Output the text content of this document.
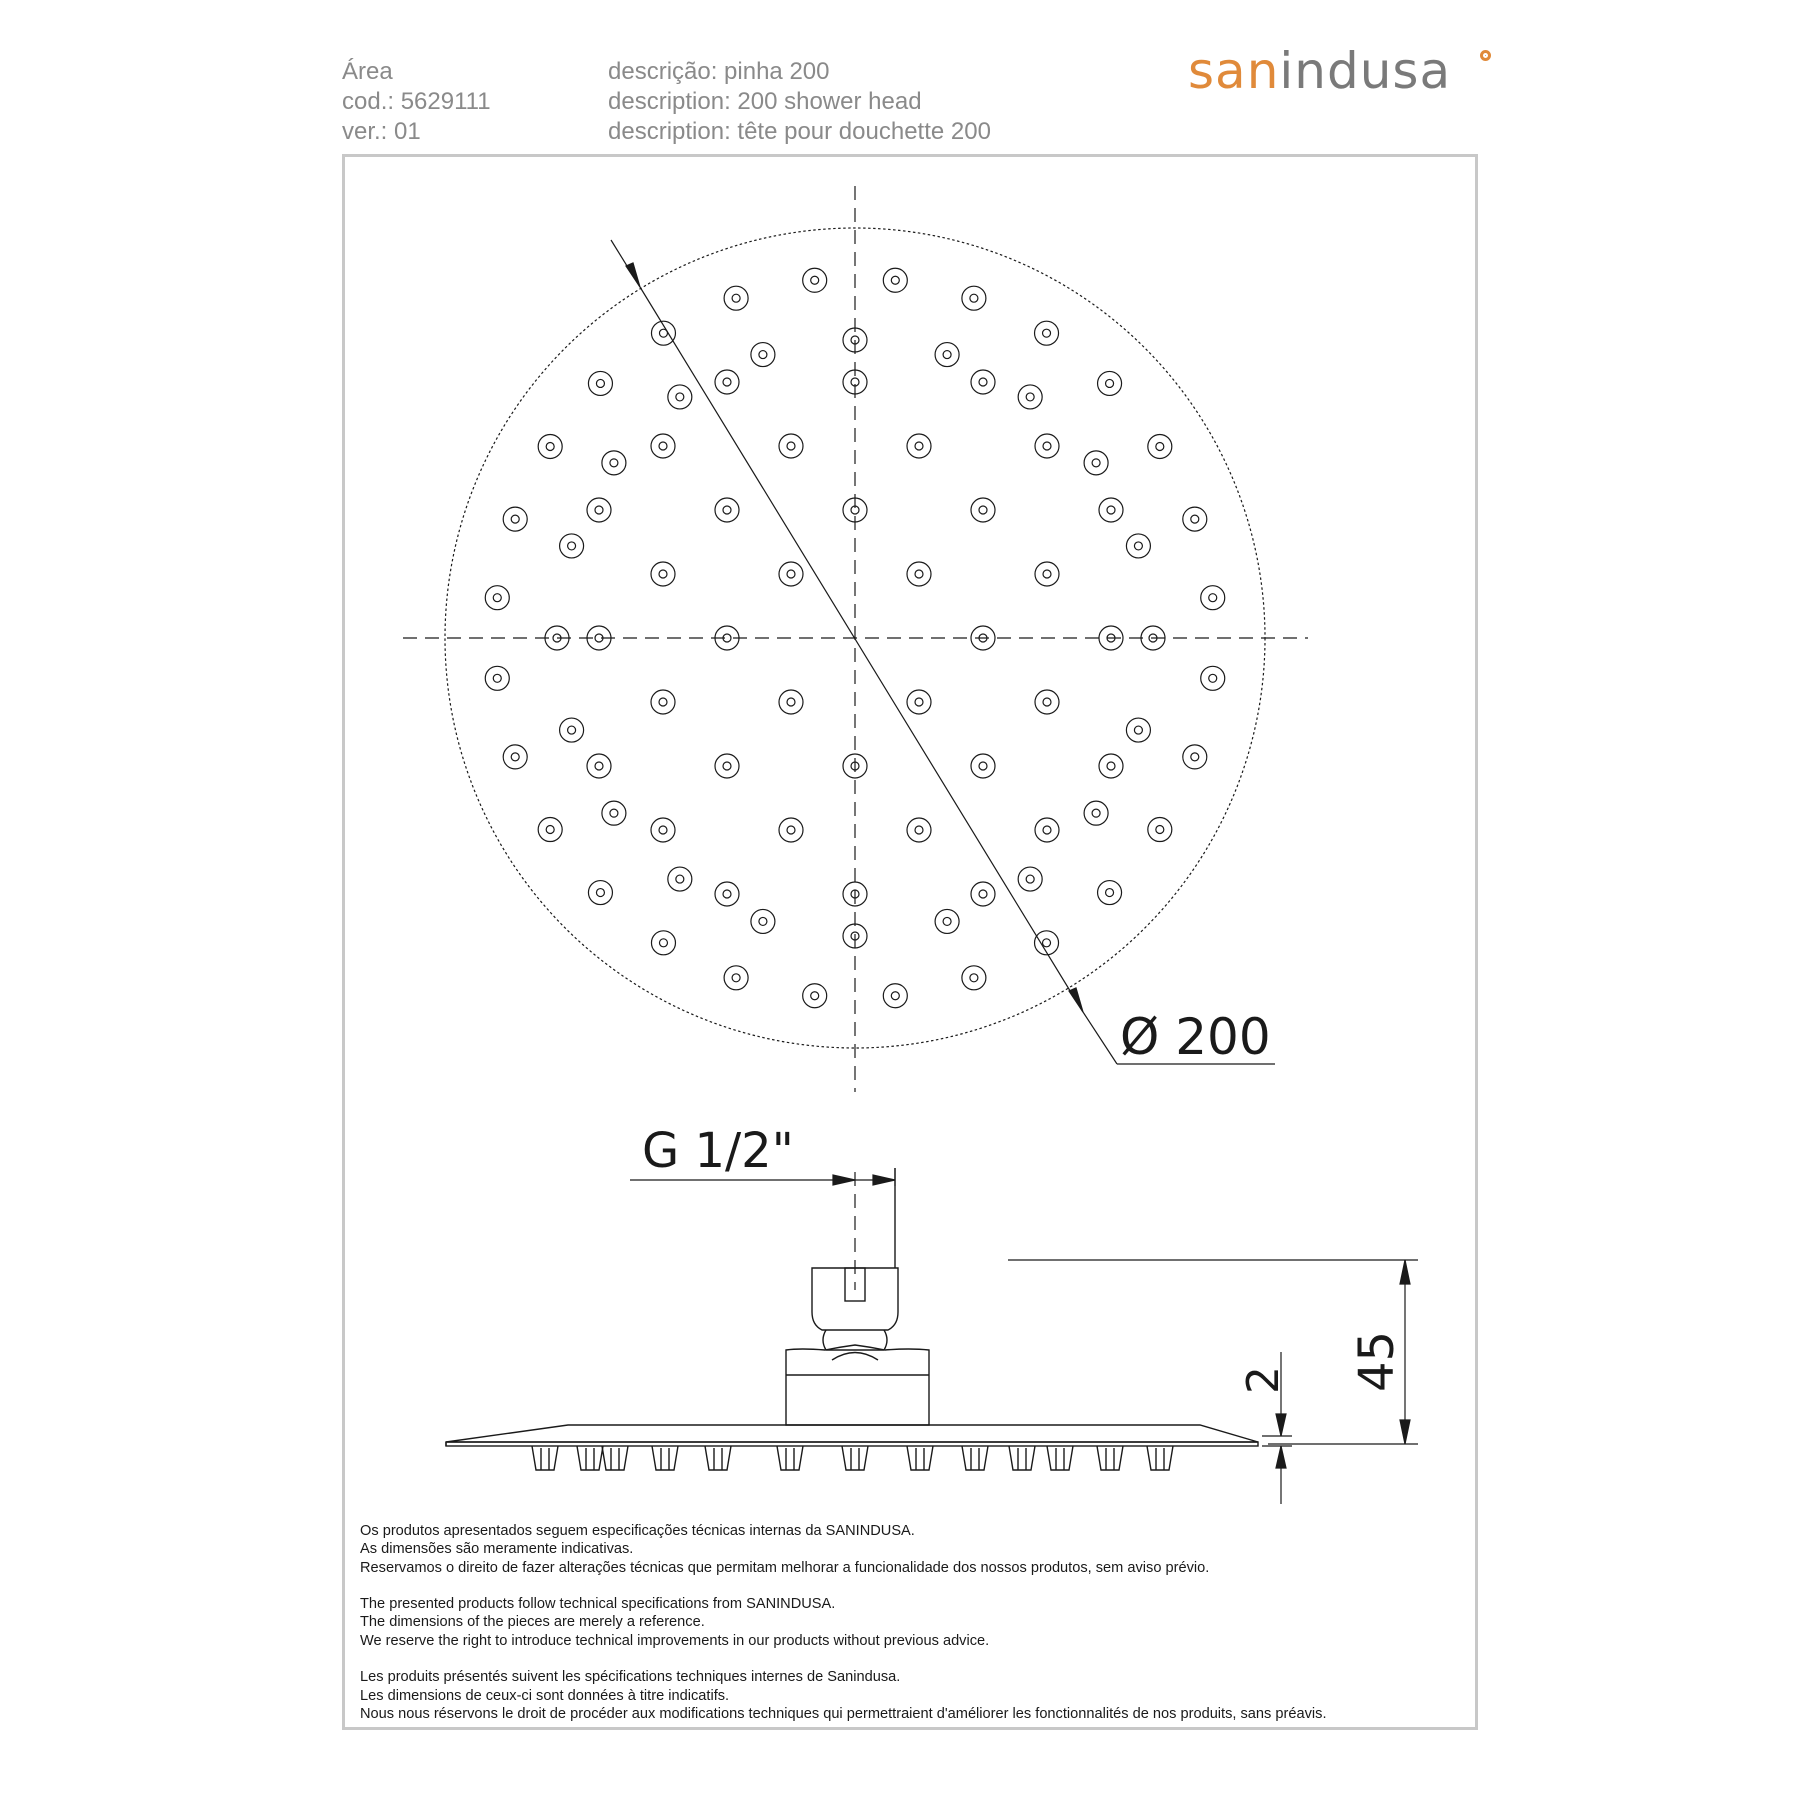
Área
cod.: 5629111
ver.: 01
descrição: pinha 200
description: 200 shower head
description: tête pour douchette 200
sanindusa
Ø 200
G 1/2"
45
2
Os produtos apresentados seguem especificações técnicas internas da SANINDUSA.
As dimensões são meramente indicativas.
Reservamos o direito de fazer alterações técnicas que permitam melhorar a funcionalidade dos nossos produtos, sem aviso prévio.
The presented products follow technical specifications from SANINDUSA.
The dimensions of the pieces are merely a reference.
We reserve the right to introduce technical improvements in our products without previous advice.
Les produits présentés suivent les spécifications techniques internes de Sanindusa.
Les dimensions de ceux-ci sont données à titre indicatifs.
Nous nous réservons le droit de procéder aux modifications techniques qui permettraient d'améliorer les fonctionnalités de nos produits, sans préavis.
